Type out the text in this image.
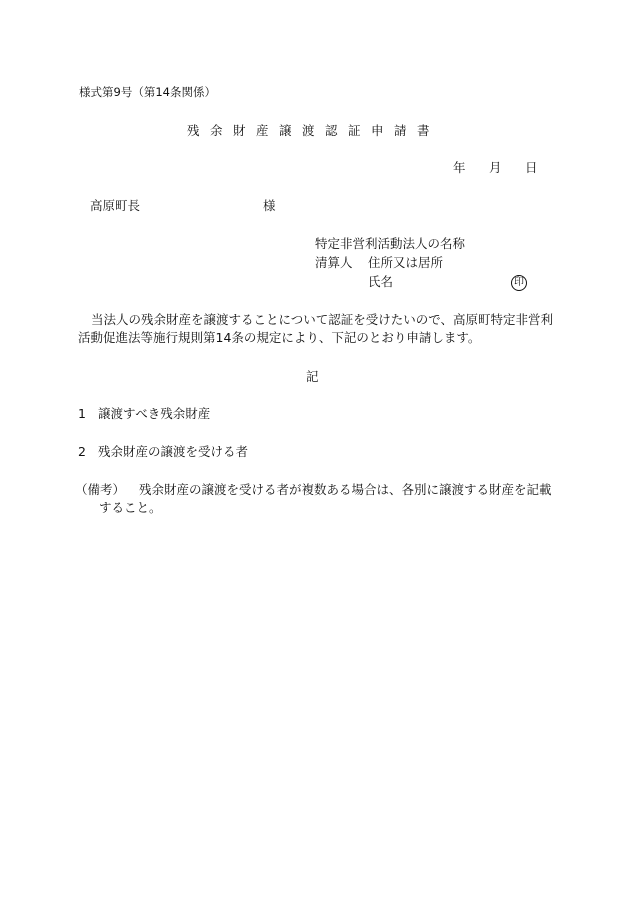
様式第9号（第14条関係）
残余財産譲渡認証申請書
年 月 日
高原町長	様
特定非営利活動法人の名称
清算人 住所又は居所
氏名	印
当法人の残余財産を譲渡することについて認証を受けたいので、高原町特定非営利
活動促進法等施行規則第14条の規定により、下記のとおり申請します。
記
1 譲渡すべき残余財産
2 残余財産の譲渡を受ける者
（備考） 残余財産の譲渡を受ける者が複数ある場合は、各別に譲渡する財産を記載
すること。
